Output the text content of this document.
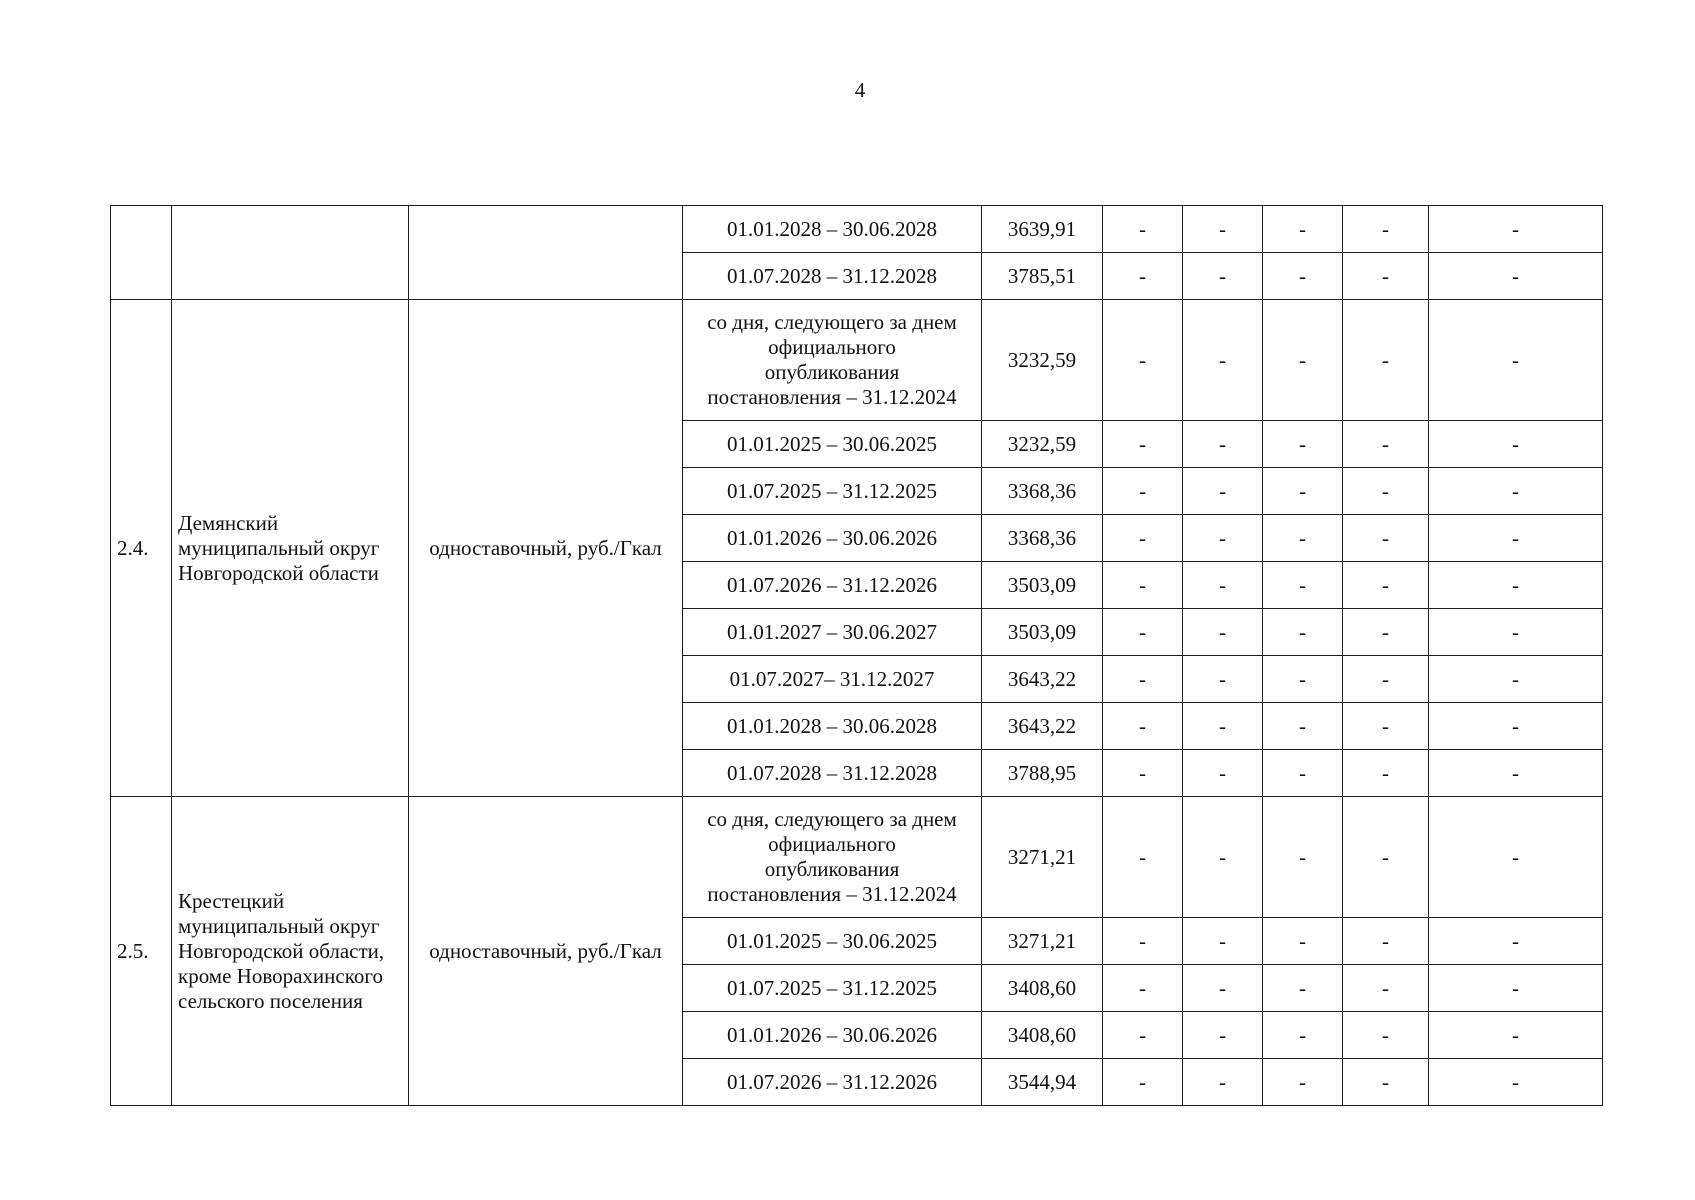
4
			01.01.2028 – 30.06.2028	3639,91	-	-	-	-	-
			01.07.2028 – 31.12.2028	3785,51	-	-	-	-	-
2.4.	Демянский муниципальный округ Новгородской области	одноставочный, руб./Гкал	со дня, следующего за днем официального опубликования постановления – 31.12.2024	3232,59	-	-	-	-	-
			01.01.2025 – 30.06.2025	3232,59	-	-	-	-	-
			01.07.2025 – 31.12.2025	3368,36	-	-	-	-	-
			01.01.2026 – 30.06.2026	3368,36	-	-	-	-	-
			01.07.2026 – 31.12.2026	3503,09	-	-	-	-	-
			01.01.2027 – 30.06.2027	3503,09	-	-	-	-	-
			01.07.2027– 31.12.2027	3643,22	-	-	-	-	-
			01.01.2028 – 30.06.2028	3643,22	-	-	-	-	-
			01.07.2028 – 31.12.2028	3788,95	-	-	-	-	-
2.5.	Крестецкий муниципальный округ Новгородской области, кроме Новорахинского сельского поселения	одноставочный, руб./Гкал	со дня, следующего за днем официального опубликования постановления – 31.12.2024	3271,21	-	-	-	-	-
			01.01.2025 – 30.06.2025	3271,21	-	-	-	-	-
			01.07.2025 – 31.12.2025	3408,60	-	-	-	-	-
			01.01.2026 – 30.06.2026	3408,60	-	-	-	-	-
			01.07.2026 – 31.12.2026	3544,94	-	-	-	-	-
